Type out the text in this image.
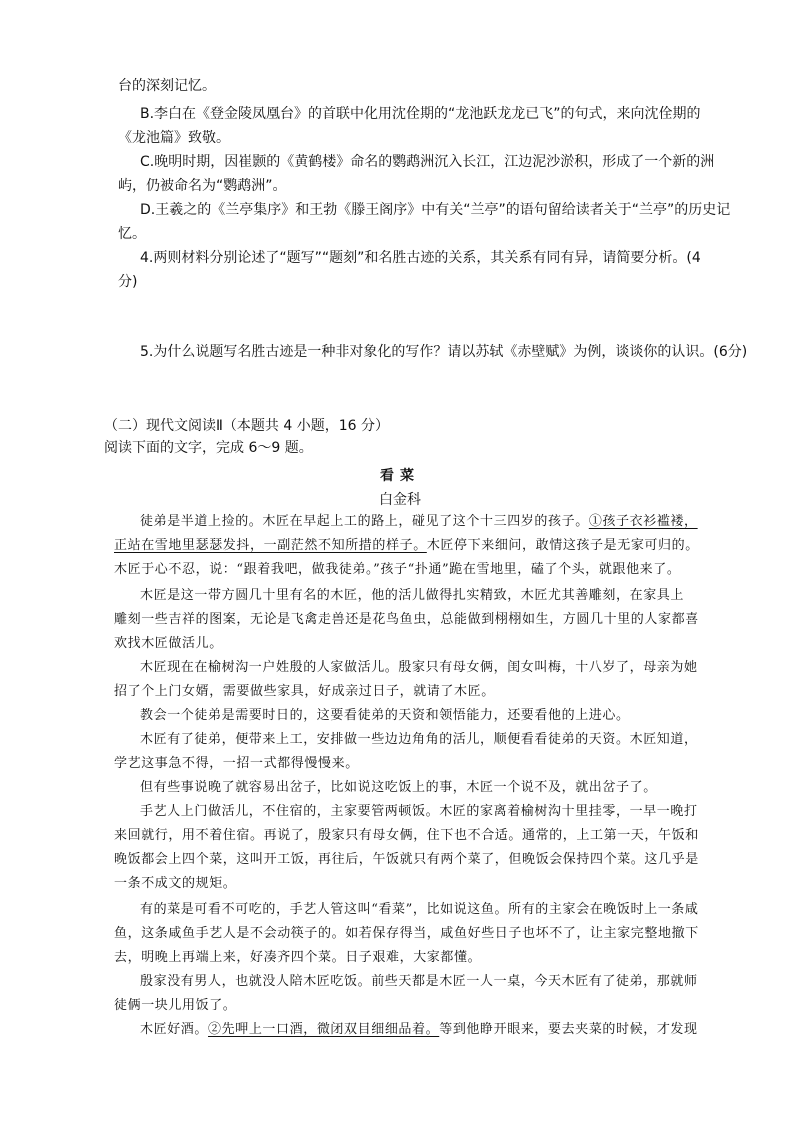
台的深刻记忆。
B.李白在《登金陵凤凰台》的首联中化用沈佺期的“龙池跃龙龙已飞”的句式，来向沈佺期的
《龙池篇》致敬。
C.晚明时期，因崔颢的《黄鹤楼》命名的鹦鹉洲沉入长江，江边泥沙淤积，形成了一个新的洲
屿，仍被命名为“鹦鹉洲”。
D.王羲之的《兰亭集序》和王勃《滕王阁序》中有关“兰亭”的语句留给读者关于“兰亭”的历史记
忆。
4.两则材料分别论述了“题写”“题刻”和名胜古迹的关系，其关系有同有异，请简要分析。(4
分)
5.为什么说题写名胜古迹是一种非对象化的写作？请以苏轼《赤壁赋》为例，谈谈你的认识。(6分)
（二）现代文阅读Ⅱ（本题共 4 小题，16 分）
阅读下面的文字，完成 6～9 题。
看菜
白金科
徒弟是半道上捡的。木匠在早起上工的路上，碰见了这个十三四岁的孩子。①孩子衣衫褴褛，
正站在雪地里瑟瑟发抖，一副茫然不知所措的样子。木匠停下来细问，敢情这孩子是无家可归的。
木匠于心不忍，说：“跟着我吧，做我徒弟。”孩子“扑通”跪在雪地里，磕了个头，就跟他来了。
木匠是这一带方圆几十里有名的木匠，他的活儿做得扎实精致，木匠尤其善雕刻，在家具上
雕刻一些吉祥的图案，无论是飞禽走兽还是花鸟鱼虫，总能做到栩栩如生，方圆几十里的人家都喜
欢找木匠做活儿。
木匠现在在榆树沟一户姓殷的人家做活儿。殷家只有母女俩，闺女叫梅，十八岁了，母亲为她
招了个上门女婿，需要做些家具，好成亲过日子，就请了木匠。
教会一个徒弟是需要时日的，这要看徒弟的天资和领悟能力，还要看他的上进心。
木匠有了徒弟，便带来上工，安排做一些边边角角的活儿，顺便看看徒弟的天资。木匠知道，
学艺这事急不得，一招一式都得慢慢来。
但有些事说晚了就容易出岔子，比如说这吃饭上的事，木匠一个说不及，就出岔子了。
手艺人上门做活儿，不住宿的，主家要管两顿饭。木匠的家离着榆树沟十里挂零，一早一晚打
来回就行，用不着住宿。再说了，殷家只有母女俩，住下也不合适。通常的，上工第一天，午饭和
晚饭都会上四个菜，这叫开工饭，再往后，午饭就只有两个菜了，但晚饭会保持四个菜。这几乎是
一条不成文的规矩。
有的菜是可看不可吃的，手艺人管这叫“看菜”，比如说这鱼。所有的主家会在晚饭时上一条咸
鱼，这条咸鱼手艺人是不会动筷子的。如若保存得当，咸鱼好些日子也坏不了，让主家完整地撤下
去，明晚上再端上来，好凑齐四个菜。日子艰难，大家都懂。
殷家没有男人，也就没人陪木匠吃饭。前些天都是木匠一人一桌，今天木匠有了徒弟，那就师
徒俩一块儿用饭了。
木匠好酒。②先呷上一口酒，微闭双目细细品着。等到他睁开眼来，要去夹菜的时候，才发现
